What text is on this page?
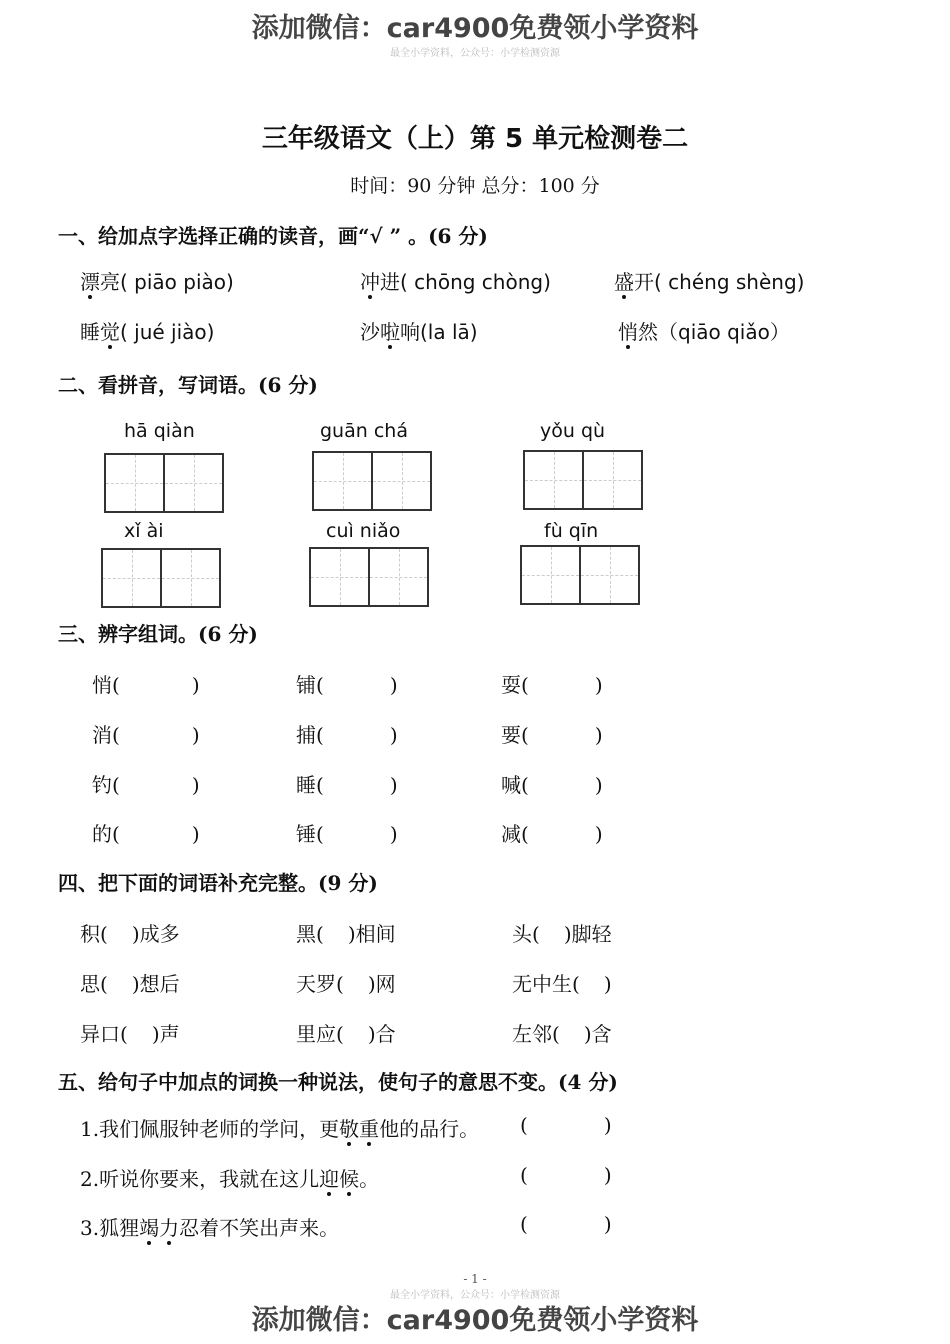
添加微信：car4900免费领小学资料
最全小学资料，公众号：小学检测资源
三年级语文（上）第 5 单元检测卷二
时间：90 分钟 总分：100 分
一、给加点字选择正确的读音，画“√ ” 。(6 分)
漂亮( piāo piào)	冲进( chōng chòng)	盛开( chéng shèng)
睡觉( jué jiào)	沙啦响(la lā)	悄然（qiāo qiǎo）
二、看拼音，写词语。(6 分)
hā qiàn	guān chá	yǒu qù
xǐ ài	cuì niǎo	fù qīn
三、辨字组词。(6 分)
悄(	)	铺(	)	耍(	)
消(	)	捕(	)	要(	)
钓(	)	睡(	)	喊(	)
的(	)	锤(	)	减(	)
四、把下面的词语补充完整。(9 分)
积( )成多	黑( )相间	头( )脚轻
思( )想后	天罗( )网	无中生( )
异口( )声	里应( )合	左邻( )含
五、给句子中加点的词换一种说法，使句子的意思不变。(4 分)
1.我们佩服钟老师的学问，更敬重他的品行。
2.听说你要来，我就在这儿迎候。
3.狐狸竭力忍着不笑出声来。
(	)
(	)
(	)
- 1 -
最全小学资料，公众号：小学检测资源
添加微信：car4900免费领小学资料
